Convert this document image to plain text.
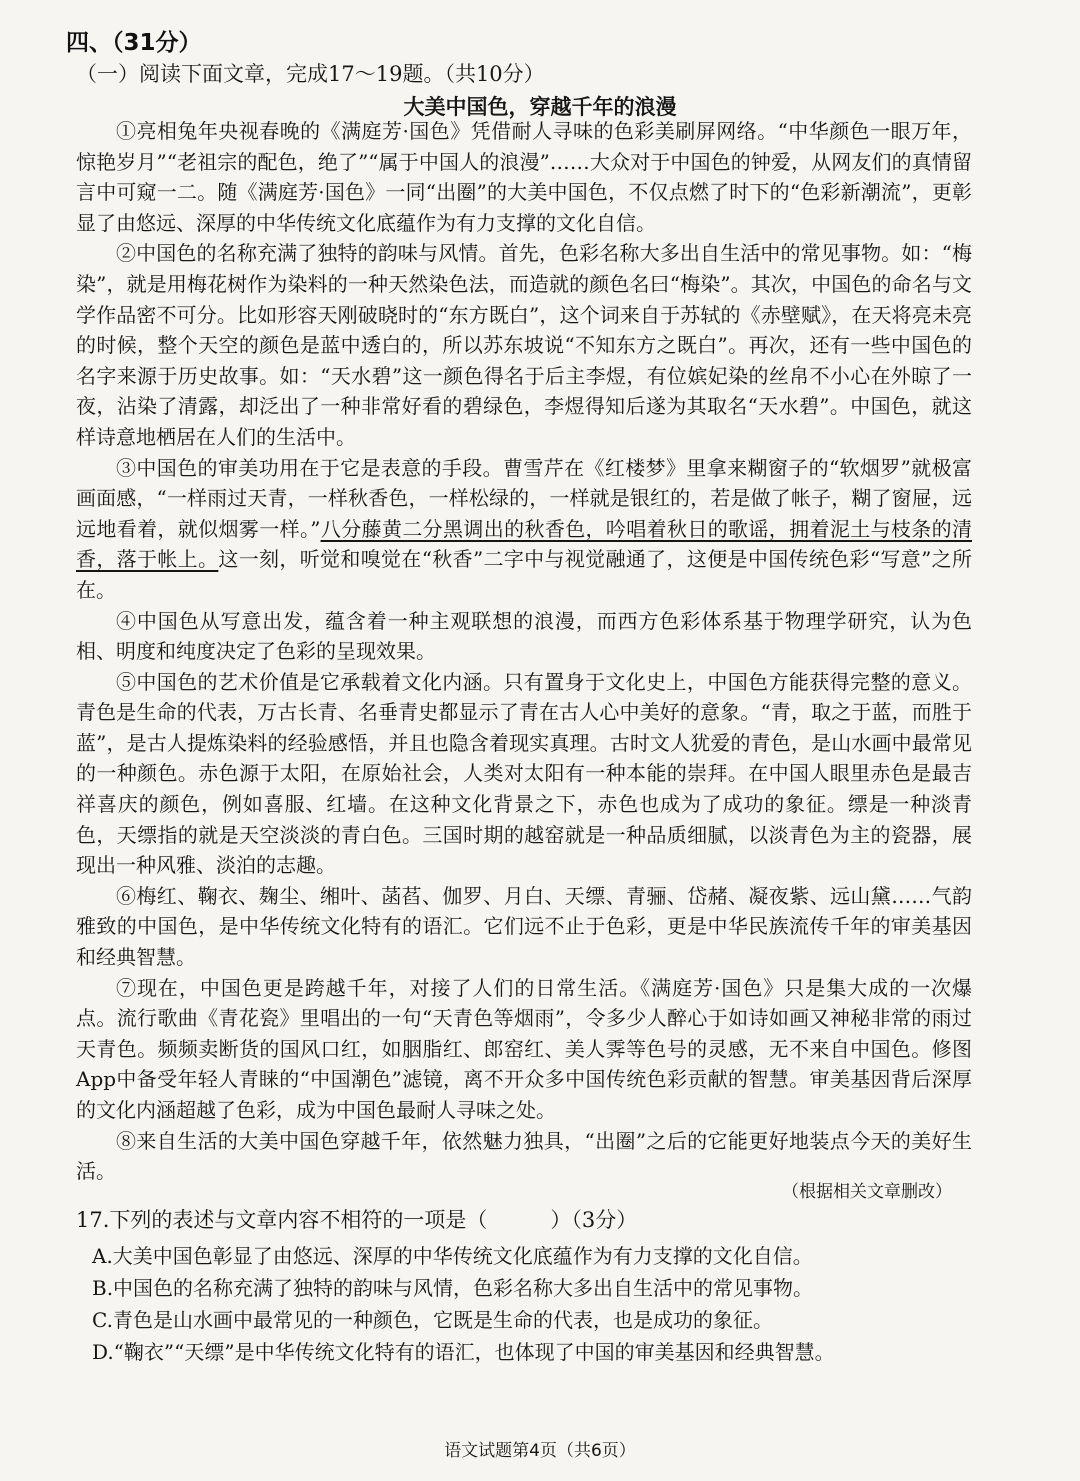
四、（31分）
（一）阅读下面文章，完成17～19题。（共10分）
大美中国色，穿越千年的浪漫

①亮相兔年央视春晚的《满庭芳·国色》凭借耐人寻味的色彩美刷屏网络。“中华颜色一眼万年，惊艳岁月”“老祖宗的配色，绝了”“属于中国人的浪漫”……大众对于中国色的钟爱，从网友们的真情留言中可窥一二。随《满庭芳·国色》一同“出圈”的大美中国色，不仅点燃了时下的“色彩新潮流”，更彰显了由悠远、深厚的中华传统文化底蕴作为有力支撑的文化自信。

②中国色的名称充满了独特的韵味与风情。首先，色彩名称大多出自生活中的常见事物。如：“梅染”，就是用梅花树作为染料的一种天然染色法，而造就的颜色名曰“梅染”。其次，中国色的命名与文学作品密不可分。比如形容天刚破晓时的“东方既白”，这个词来自于苏轼的《赤壁赋》，在天将亮未亮的时候，整个天空的颜色是蓝中透白的，所以苏东坡说“不知东方之既白”。再次，还有一些中国色的名字来源于历史故事。如：“天水碧”这一颜色得名于后主李煜，有位嫔妃染的丝帛不小心在外晾了一夜，沾染了清露，却泛出了一种非常好看的碧绿色，李煜得知后遂为其取名“天水碧”。中国色，就这样诗意地栖居在人们的生活中。

③中国色的审美功用在于它是表意的手段。曹雪芹在《红楼梦》里拿来糊窗子的“软烟罗”就极富画面感，“一样雨过天青，一样秋香色，一样松绿的，一样就是银红的，若是做了帐子，糊了窗屉，远远地看着，就似烟雾一样。”八分藤黄二分黑调出的秋香色，吟唱着秋日的歌谣，拥着泥土与枝条的清香，落于帐上。这一刻，听觉和嗅觉在“秋香”二字中与视觉融通了，这便是中国传统色彩“写意”之所在。

④中国色从写意出发，蕴含着一种主观联想的浪漫，而西方色彩体系基于物理学研究，认为色相、明度和纯度决定了色彩的呈现效果。

⑤中国色的艺术价值是它承载着文化内涵。只有置身于文化史上，中国色方能获得完整的意义。青色是生命的代表，万古长青、名垂青史都显示了青在古人心中美好的意象。“青，取之于蓝，而胜于蓝”，是古人提炼染料的经验感悟，并且也隐含着现实真理。古时文人犹爱的青色，是山水画中最常见的一种颜色。赤色源于太阳，在原始社会，人类对太阳有一种本能的崇拜。在中国人眼里赤色是最吉祥喜庆的颜色，例如喜服、红墙。在这种文化背景之下，赤色也成为了成功的象征。缥是一种淡青色，天缥指的就是天空淡淡的青白色。三国时期的越窑就是一种品质细腻，以淡青色为主的瓷器，展现出一种风雅、淡泊的志趣。

⑥梅红、鞠衣、麹尘、缃叶、菡萏、伽罗、月白、天缥、青骊、岱赭、凝夜紫、远山黛……气韵雅致的中国色，是中华传统文化特有的语汇。它们远不止于色彩，更是中华民族流传千年的审美基因和经典智慧。

⑦现在，中国色更是跨越千年，对接了人们的日常生活。《满庭芳·国色》只是集大成的一次爆点。流行歌曲《青花瓷》里唱出的一句“天青色等烟雨”，令多少人醉心于如诗如画又神秘非常的雨过天青色。频频卖断货的国风口红，如胭脂红、郎窑红、美人霁等色号的灵感，无不来自中国色。修图App中备受年轻人青睐的“中国潮色”滤镜，离不开众多中国传统色彩贡献的智慧。审美基因背后深厚的文化内涵超越了色彩，成为中国色最耐人寻味之处。

⑧来自生活的大美中国色穿越千年，依然魅力独具，“出圈”之后的它能更好地装点今天的美好生活。

（根据相关文章删改）
17.下列的表述与文章内容不相符的一项是（　　　）（3分）
A.大美中国色彰显了由悠远、深厚的中华传统文化底蕴作为有力支撑的文化自信。
B.中国色的名称充满了独特的韵味与风情，色彩名称大多出自生活中的常见事物。
C.青色是山水画中最常见的一种颜色，它既是生命的代表，也是成功的象征。
D.“鞠衣”“天缥”是中华传统文化特有的语汇，也体现了中国的审美基因和经典智慧。
语文试题第4页（共6页）
